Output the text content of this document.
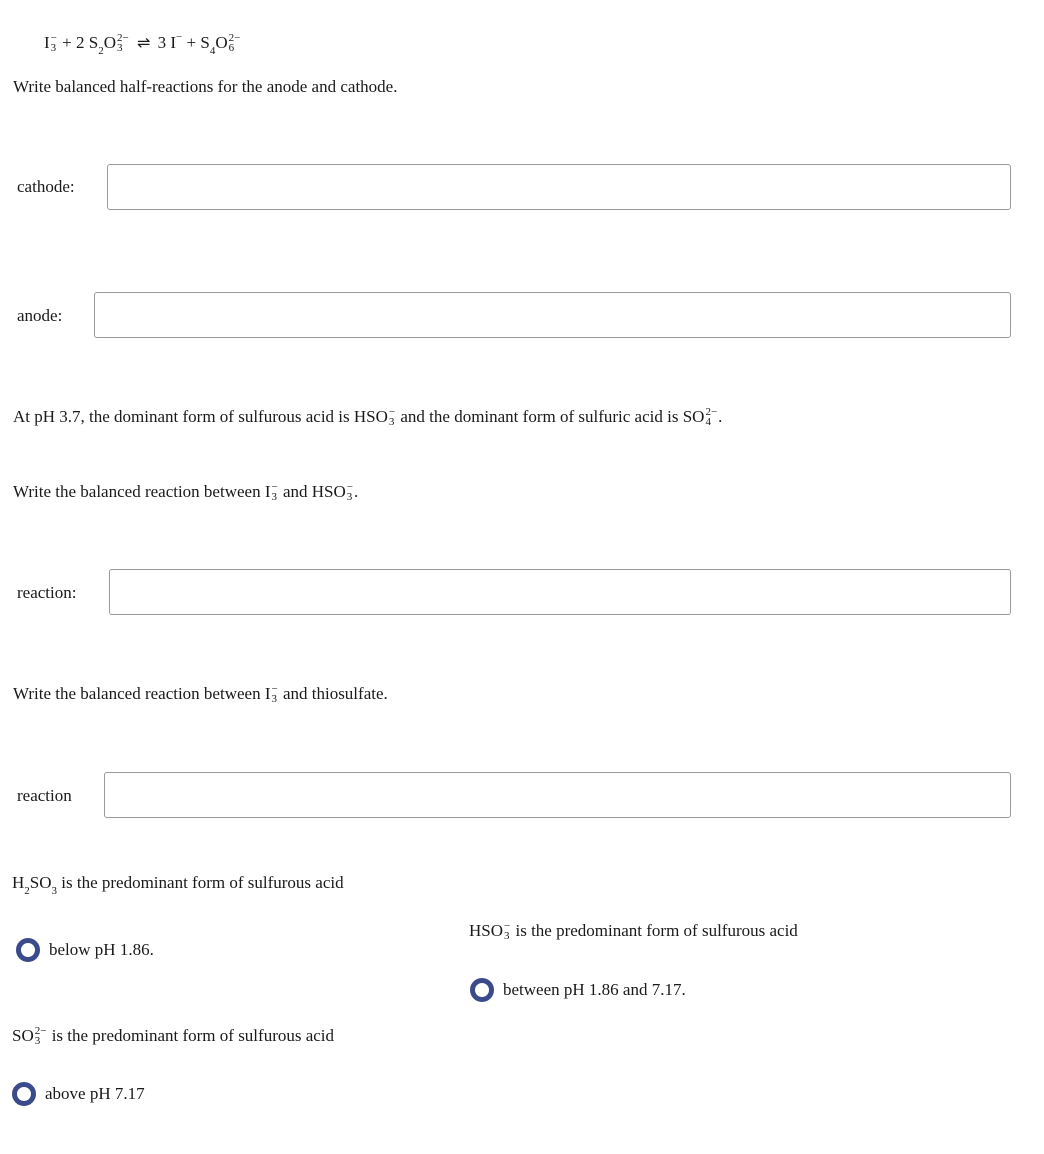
I −
3 + 2 $S_2O$ 2−
3 ⇌ 3 $I^- + S_4O$ 2−
6
Write balanced half-reactions for the anode and cathode.
cathode:
anode:
At pH 3.7, the dominant form of sulfurous acid is HSO −
3 and the dominant form of sulfuric acid is SO 2−
4 .
Write the balanced reaction between I −
3 and HSO −
3 .
reaction:
Write the balanced reaction between I −
3 and thiosulfate.
reaction
$H_2SO_3$ is the predominant form of sulfurous acid
below pH 1.86.
HSO −
3 is the predominant form of sulfurous acid
between pH 1.86 and 7.17.
SO 2−
3 is the predominant form of sulfurous acid
above pH 7.17
